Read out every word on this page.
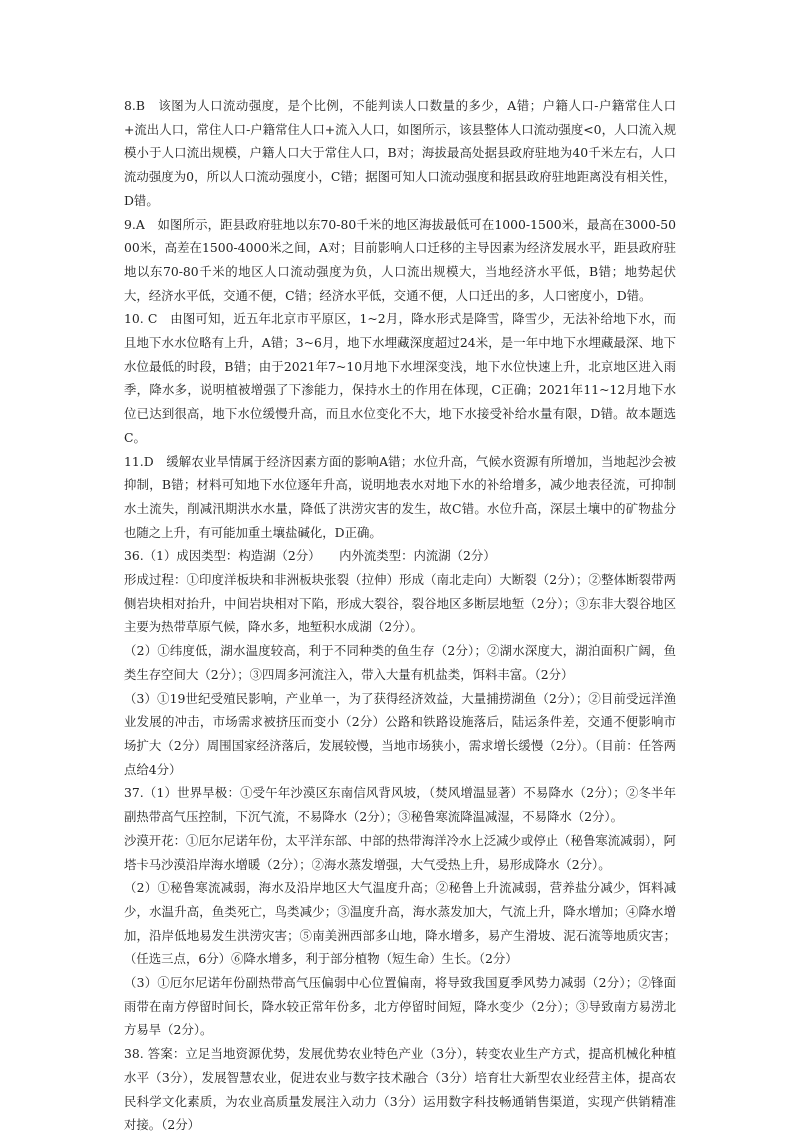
8.B　该图为人口流动强度，是个比例，不能判读人口数量的多少，A错；户籍人口-户籍常住人口+流出人口，常住人口-户籍常住人口+流入人口，如图所示，该县整体人口流动强度<0，人口流入规模小于人口流出规模，户籍人口大于常住人口，B对；海拔最高处据县政府驻地为40千米左右，人口流动强度为0，所以人口流动强度小，C错；据图可知人口流动强度和据县政府驻地距离没有相关性，D错。

9.A　如图所示，距县政府驻地以东70-80千米的地区海拔最低可在1000-1500米，最高在3000-5000米，高差在1500-4000米之间，A对；目前影响人口迁移的主导因素为经济发展水平，距县政府驻地以东70-80千米的地区人口流动强度为负，人口流出规模大，当地经济水平低，B错；地势起伏大，经济水平低，交通不便，C错；经济水平低，交通不便，人口迁出的多，人口密度小，D错。

10. C　由图可知，近五年北京市平原区，1~2月，降水形式是降雪，降雪少，无法补给地下水，而且地下水水位略有上升，A错；3~6月，地下水埋藏深度超过24米，是一年中地下水埋藏最深、地下水位最低的时段，B错；由于2021年7~10月地下水埋深变浅，地下水位快速上升，北京地区进入雨季，降水多，说明植被增强了下渗能力，保持水土的作用在体现，C正确；2021年11~12月地下水位已达到很高，地下水位缓慢升高，而且水位变化不大，地下水接受补给水量有限，D错。故本题选C。

11.D　缓解农业旱情属于经济因素方面的影响A错；水位升高，气候水资源有所增加，当地起沙会被抑制，B错；材料可知地下水位逐年升高，说明地表水对地下水的补给增多，减少地表径流，可抑制水土流失，削减汛期洪水水量，降低了洪涝灾害的发生，故C错。水位升高，深层土壤中的矿物盐分也随之上升，有可能加重土壤盐碱化，D正确。

36.（1）成因类型：构造湖（2分）　　内外流类型：内流湖（2分）

形成过程：①印度洋板块和非洲板块张裂（拉伸）形成（南北走向）大断裂（2分）；②整体断裂带两侧岩块相对抬升，中间岩块相对下陷，形成大裂谷，裂谷地区多断层地堑（2分）；③东非大裂谷地区主要为热带草原气候，降水多，地堑积水成湖（2分）。

（2）①纬度低，湖水温度较高，利于不同种类的鱼生存（2分）；②湖水深度大，湖泊面积广阔，鱼类生存空间大（2分）；③四周多河流注入，带入大量有机盐类，饵料丰富。（2分）

（3）①19世纪受殖民影响，产业单一，为了获得经济效益，大量捕捞湖鱼（2分）；②目前受远洋渔业发展的冲击，市场需求被挤压而变小（2分）公路和铁路设施落后，陆运条件差，交通不便影响市场扩大（2分）周围国家经济落后，发展较慢，当地市场狭小，需求增长缓慢（2分）。（目前：任答两点给4分）

37.（1）世界旱极：①受午年沙漠区东南信风背风坡，（焚风增温显著）不易降水（2分）；②冬半年副热带高气压控制，下沉气流，不易降水（2分）；③秘鲁寒流降温减湿，不易降水（2分）。

沙漠开花：①厄尔尼诺年份，太平洋东部、中部的热带海洋冷水上泛减少或停止（秘鲁寒流减弱），阿塔卡马沙漠沿岸海水增暖（2分）；②海水蒸发增强，大气受热上升，易形成降水（2分）。

（2）①秘鲁寒流减弱，海水及沿岸地区大气温度升高；②秘鲁上升流减弱，营养盐分减少，饵料减少，水温升高，鱼类死亡，鸟类减少；③温度升高，海水蒸发加大，气流上升，降水增加；④降水增加，沿岸低地易发生洪涝灾害；⑤南美洲西部多山地，降水增多，易产生滑坡、泥石流等地质灾害；（任选三点，6分）⑥降水增多，利于部分植物（短生命）生长。（2分）

（3）①厄尔尼诺年份副热带高气压偏弱中心位置偏南，将导致我国夏季风势力减弱（2分）；②锋面雨带在南方停留时间长，降水较正常年份多，北方停留时间短，降水变少（2分）；③导致南方易涝北方易旱（2分）。

38. 答案：立足当地资源优势，发展优势农业特色产业（3分），转变农业生产方式，提高机械化种植水平（3分），发展智慧农业，促进农业与数字技术融合（3分）培育壮大新型农业经营主体，提高农民科学文化素质，为农业高质量发展注入动力（3分）运用数字科技畅通销售渠道，实现产供销精准对接。（2分）
